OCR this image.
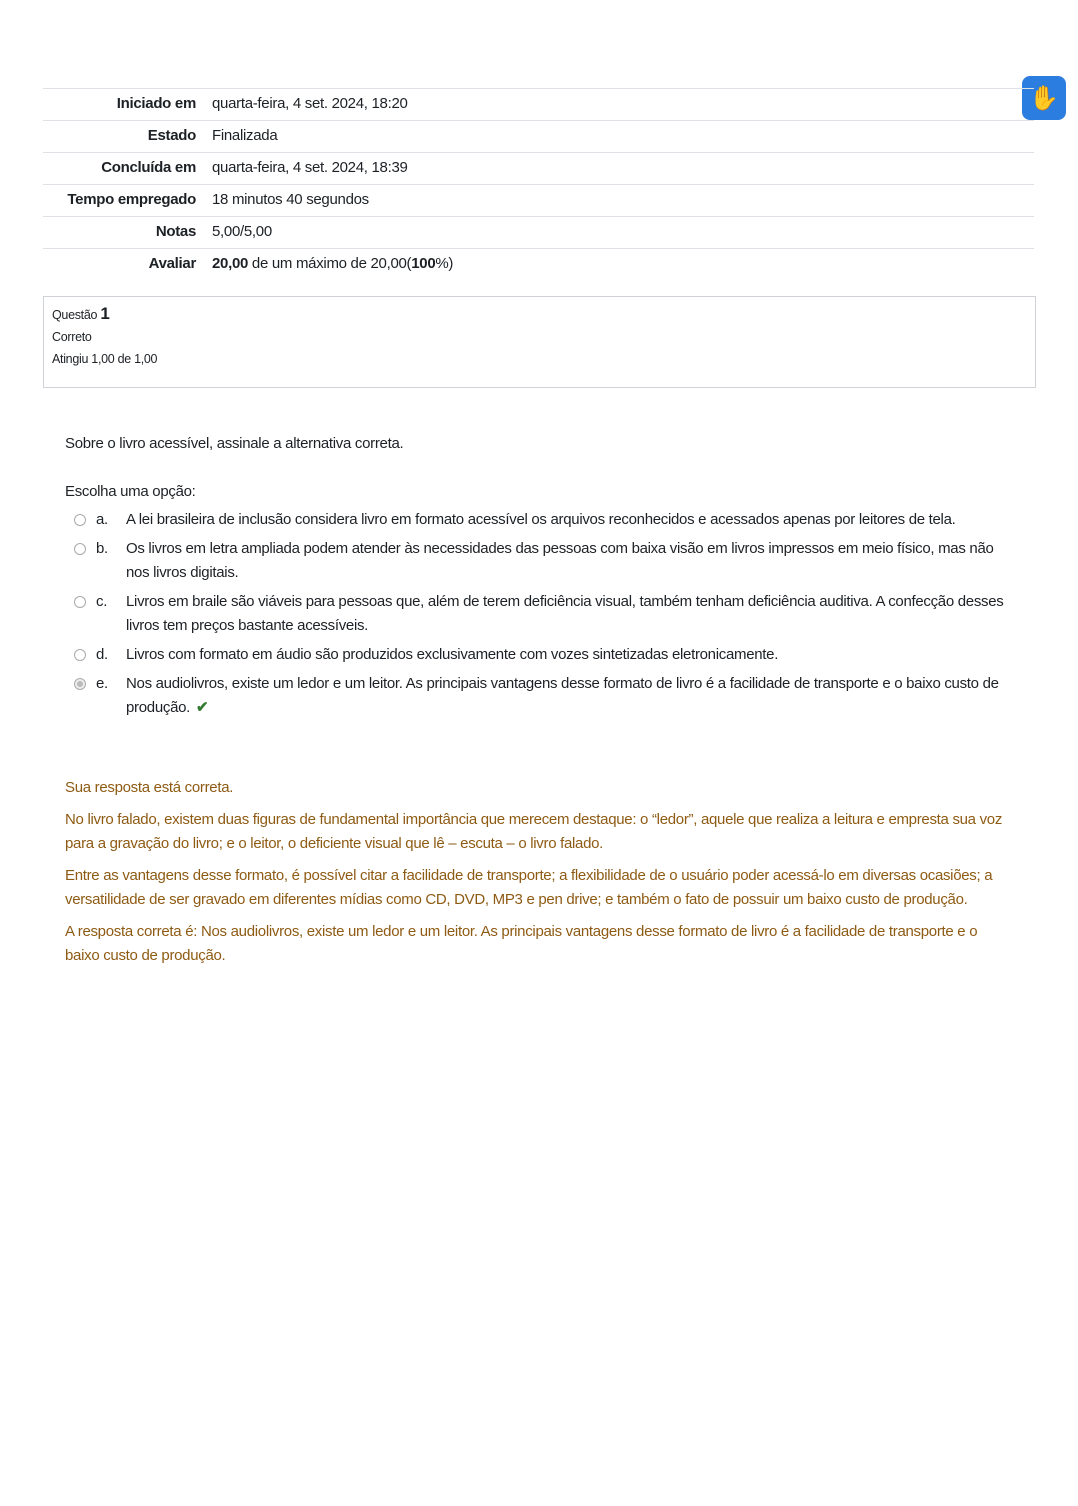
✋
Iniciado em	quarta-feira, 4 set. 2024, 18:20
Estado	Finalizada
Concluída em	quarta-feira, 4 set. 2024, 18:39
Tempo empregado	18 minutos 40 segundos
Notas	5,00/5,00
Avaliar	20,00 de um máximo de 20,00(100%)
Questão 1
Correto
Atingiu 1,00 de 1,00
Sobre o livro acessível, assinale a alternativa correta.
Escolha uma opção:
a.	A lei brasileira de inclusão considera livro em formato acessível os arquivos reconhecidos e acessados apenas por leitores de tela.
b.	Os livros em letra ampliada podem atender às necessidades das pessoas com baixa visão em livros impressos em meio físico, mas não nos livros digitais.
c.	Livros em braile são viáveis para pessoas que, além de terem deficiência visual, também tenham deficiência auditiva. A confecção desses livros tem preços bastante acessíveis.
d.	Livros com formato em áudio são produzidos exclusivamente com vozes sintetizadas eletronicamente.
e.	Nos audiolivros, existe um ledor e um leitor. As principais vantagens desse formato de livro é a facilidade de transporte e o baixo custo de produção. ✔

Sua resposta está correta.

No livro falado, existem duas figuras de fundamental importância que merecem destaque: o “ledor”, aquele que realiza a leitura e empresta sua voz para a gravação do livro; e o leitor, o deficiente visual que lê – escuta – o livro falado.

Entre as vantagens desse formato, é possível citar a facilidade de transporte; a flexibilidade de o usuário poder acessá-lo em diversas ocasiões; a versatilidade de ser gravado em diferentes mídias como CD, DVD, MP3 e pen drive; e também o fato de possuir um baixo custo de produção.

A resposta correta é: Nos audiolivros, existe um ledor e um leitor. As principais vantagens desse formato de livro é a facilidade de transporte e o baixo custo de produção.
